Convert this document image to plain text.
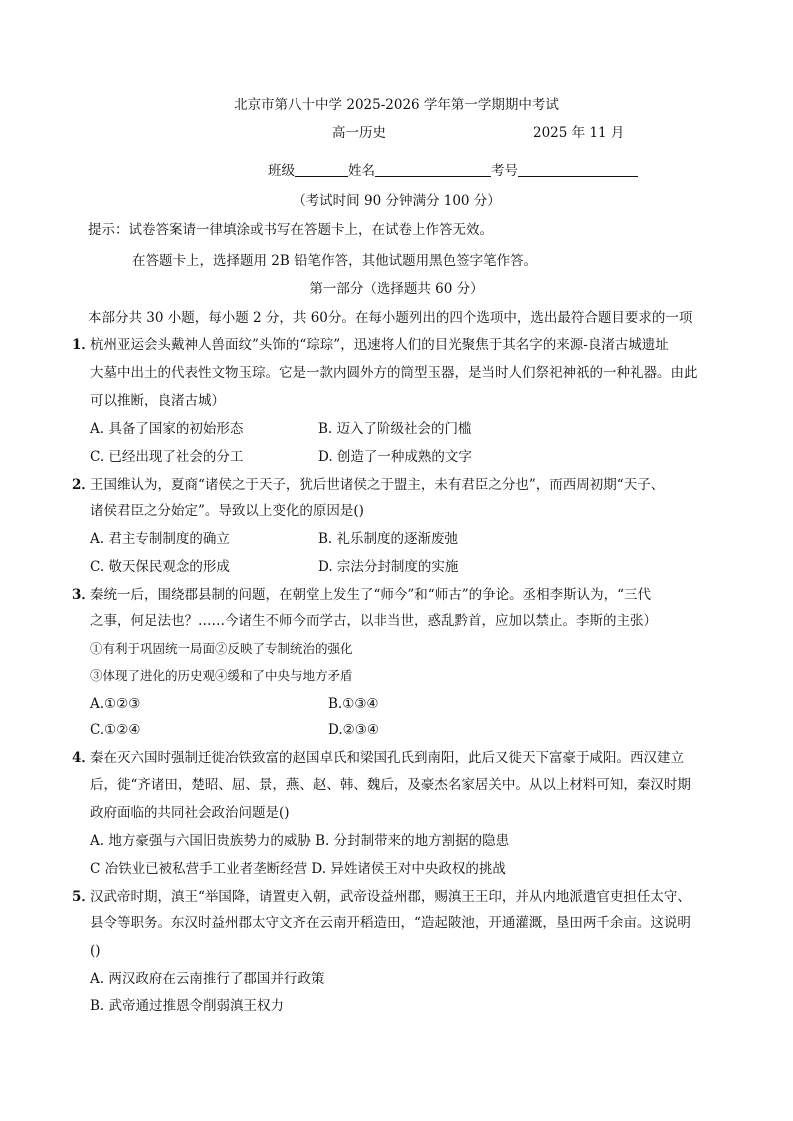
北京市第八十中学 2025-2026 学年第一学期期中考试
高一历史	2025 年 11 月
班级	姓名	考号
（考试时间 90 分钟满分 100 分）
提示：试卷答案请一律填涂或书写在答题卡上，在试卷上作答无效。
在答题卡上，选择题用 2B 铅笔作答，其他试题用黑色签字笔作答。
第一部分（选择题共 60 分）
本部分共 30 小题，每小题 2 分，共 60分。在每小题列出的四个选项中，选出最符合题目要求的一项
1．
杭州亚运会头戴神人兽面纹”头饰的“琮琮”，迅速将人们的目光聚焦于其名字的来源-良渚古城遗址
大墓中出土的代表性文物玉琮。它是一款内圆外方的筒型玉器，是当时人们祭祀神祇的一种礼器。由此
可以推断，良渚古城）
A. 具备了国家的初始形态	B. 迈入了阶级社会的门槛
C. 已经出现了社会的分工	D. 创造了一种成熟的文字
2．
王国维认为，夏商“诸侯之于天子，犹后世诸侯之于盟主，未有君臣之分也”，而西周初期“天子、
诸侯君臣之分始定”。导致以上变化的原因是()
A. 君主专制制度的确立	B. 礼乐制度的逐渐废弛
C. 敬天保民观念的形成	D. 宗法分封制度的实施
3．
秦统一后，围绕郡县制的问题，在朝堂上发生了“师今”和“师古”的争论。丞相李斯认为，“三代
之事，何足法也？……今诸生不师今而学古，以非当世，惑乱黔首，应加以禁止。李斯的主张）
①有利于巩固统一局面②反映了专制统治的强化
③体现了进化的历史观④缓和了中央与地方矛盾
A.①②③	B.①③④
C.①②④	D.②③④
4．
秦在灭六国时强制迁徙冶铁致富的赵国卓氏和梁国孔氏到南阳，此后又徙天下富豪于咸阳。西汉建立
后，徙“齐诸田，楚昭、屈、景，燕、赵、韩、魏后，及豪杰名家居关中。从以上材料可知，秦汉时期
政府面临的共同社会政治问题是()
A. 地方豪强与六国旧贵族势力的威胁 B. 分封制带来的地方割据的隐患
C 冶铁业已被私营手工业者垄断经营 D. 异姓诸侯王对中央政权的挑战
5．
汉武帝时期，滇王“举国降，请置吏入朝，武帝设益州郡，赐滇王王印，并从内地派遣官吏担任太守、
县令等职务。东汉时益州郡太守文齐在云南开稻造田，“造起陂池，开通灌溉，垦田两千余亩。这说明
()
A. 两汉政府在云南推行了郡国并行政策
B. 武帝通过推恩令削弱滇王权力
